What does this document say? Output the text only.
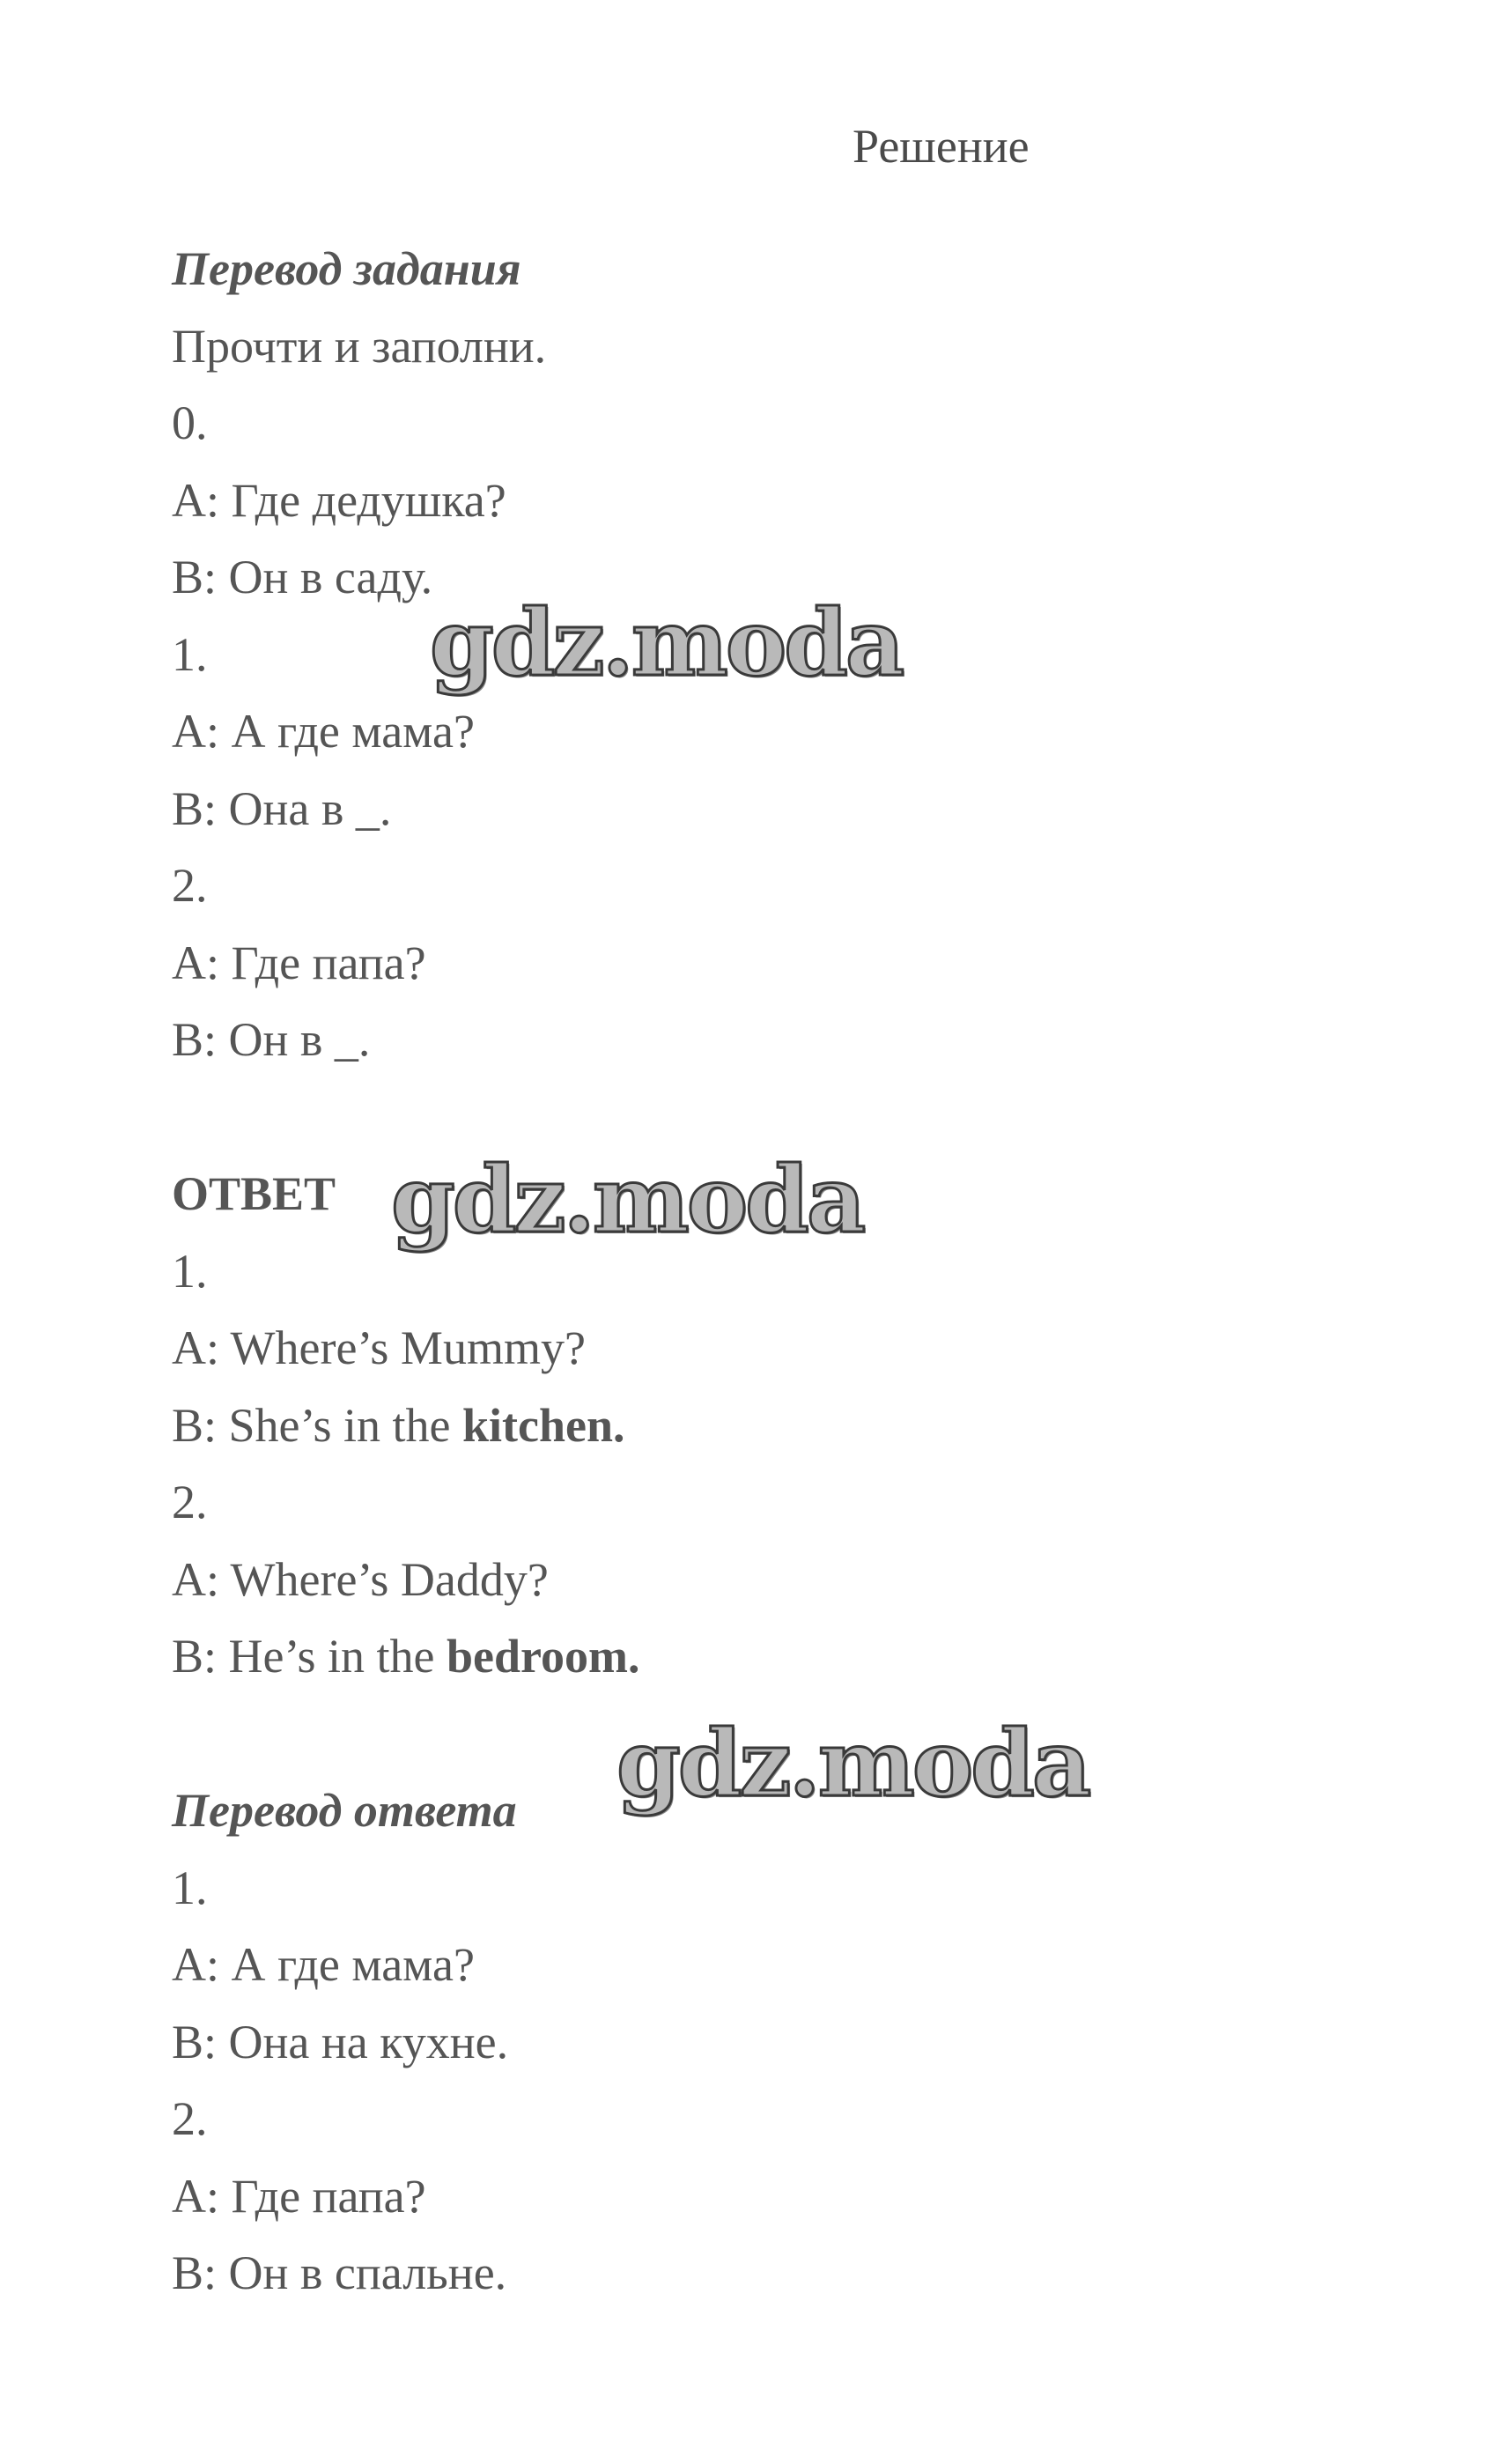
Решение
Перевод задания
Прочти и заполни.
0.
A: Где дедушка?
B: Он в саду.
1.
A: А где мама?
B: Она в _.
2.
A: Где папа?
B: Он в _.
ОТВЕТ
1.
A: Where’s Mummy?
B: She’s in the kitchen.
2.
A: Where’s Daddy?
B: He’s in the bedroom.
Перевод ответа
1.
A: А где мама?
B: Она на кухне.
2.
A: Где папа?
B: Он в спальне.
gdz.moda
gdz.moda
gdz.moda
